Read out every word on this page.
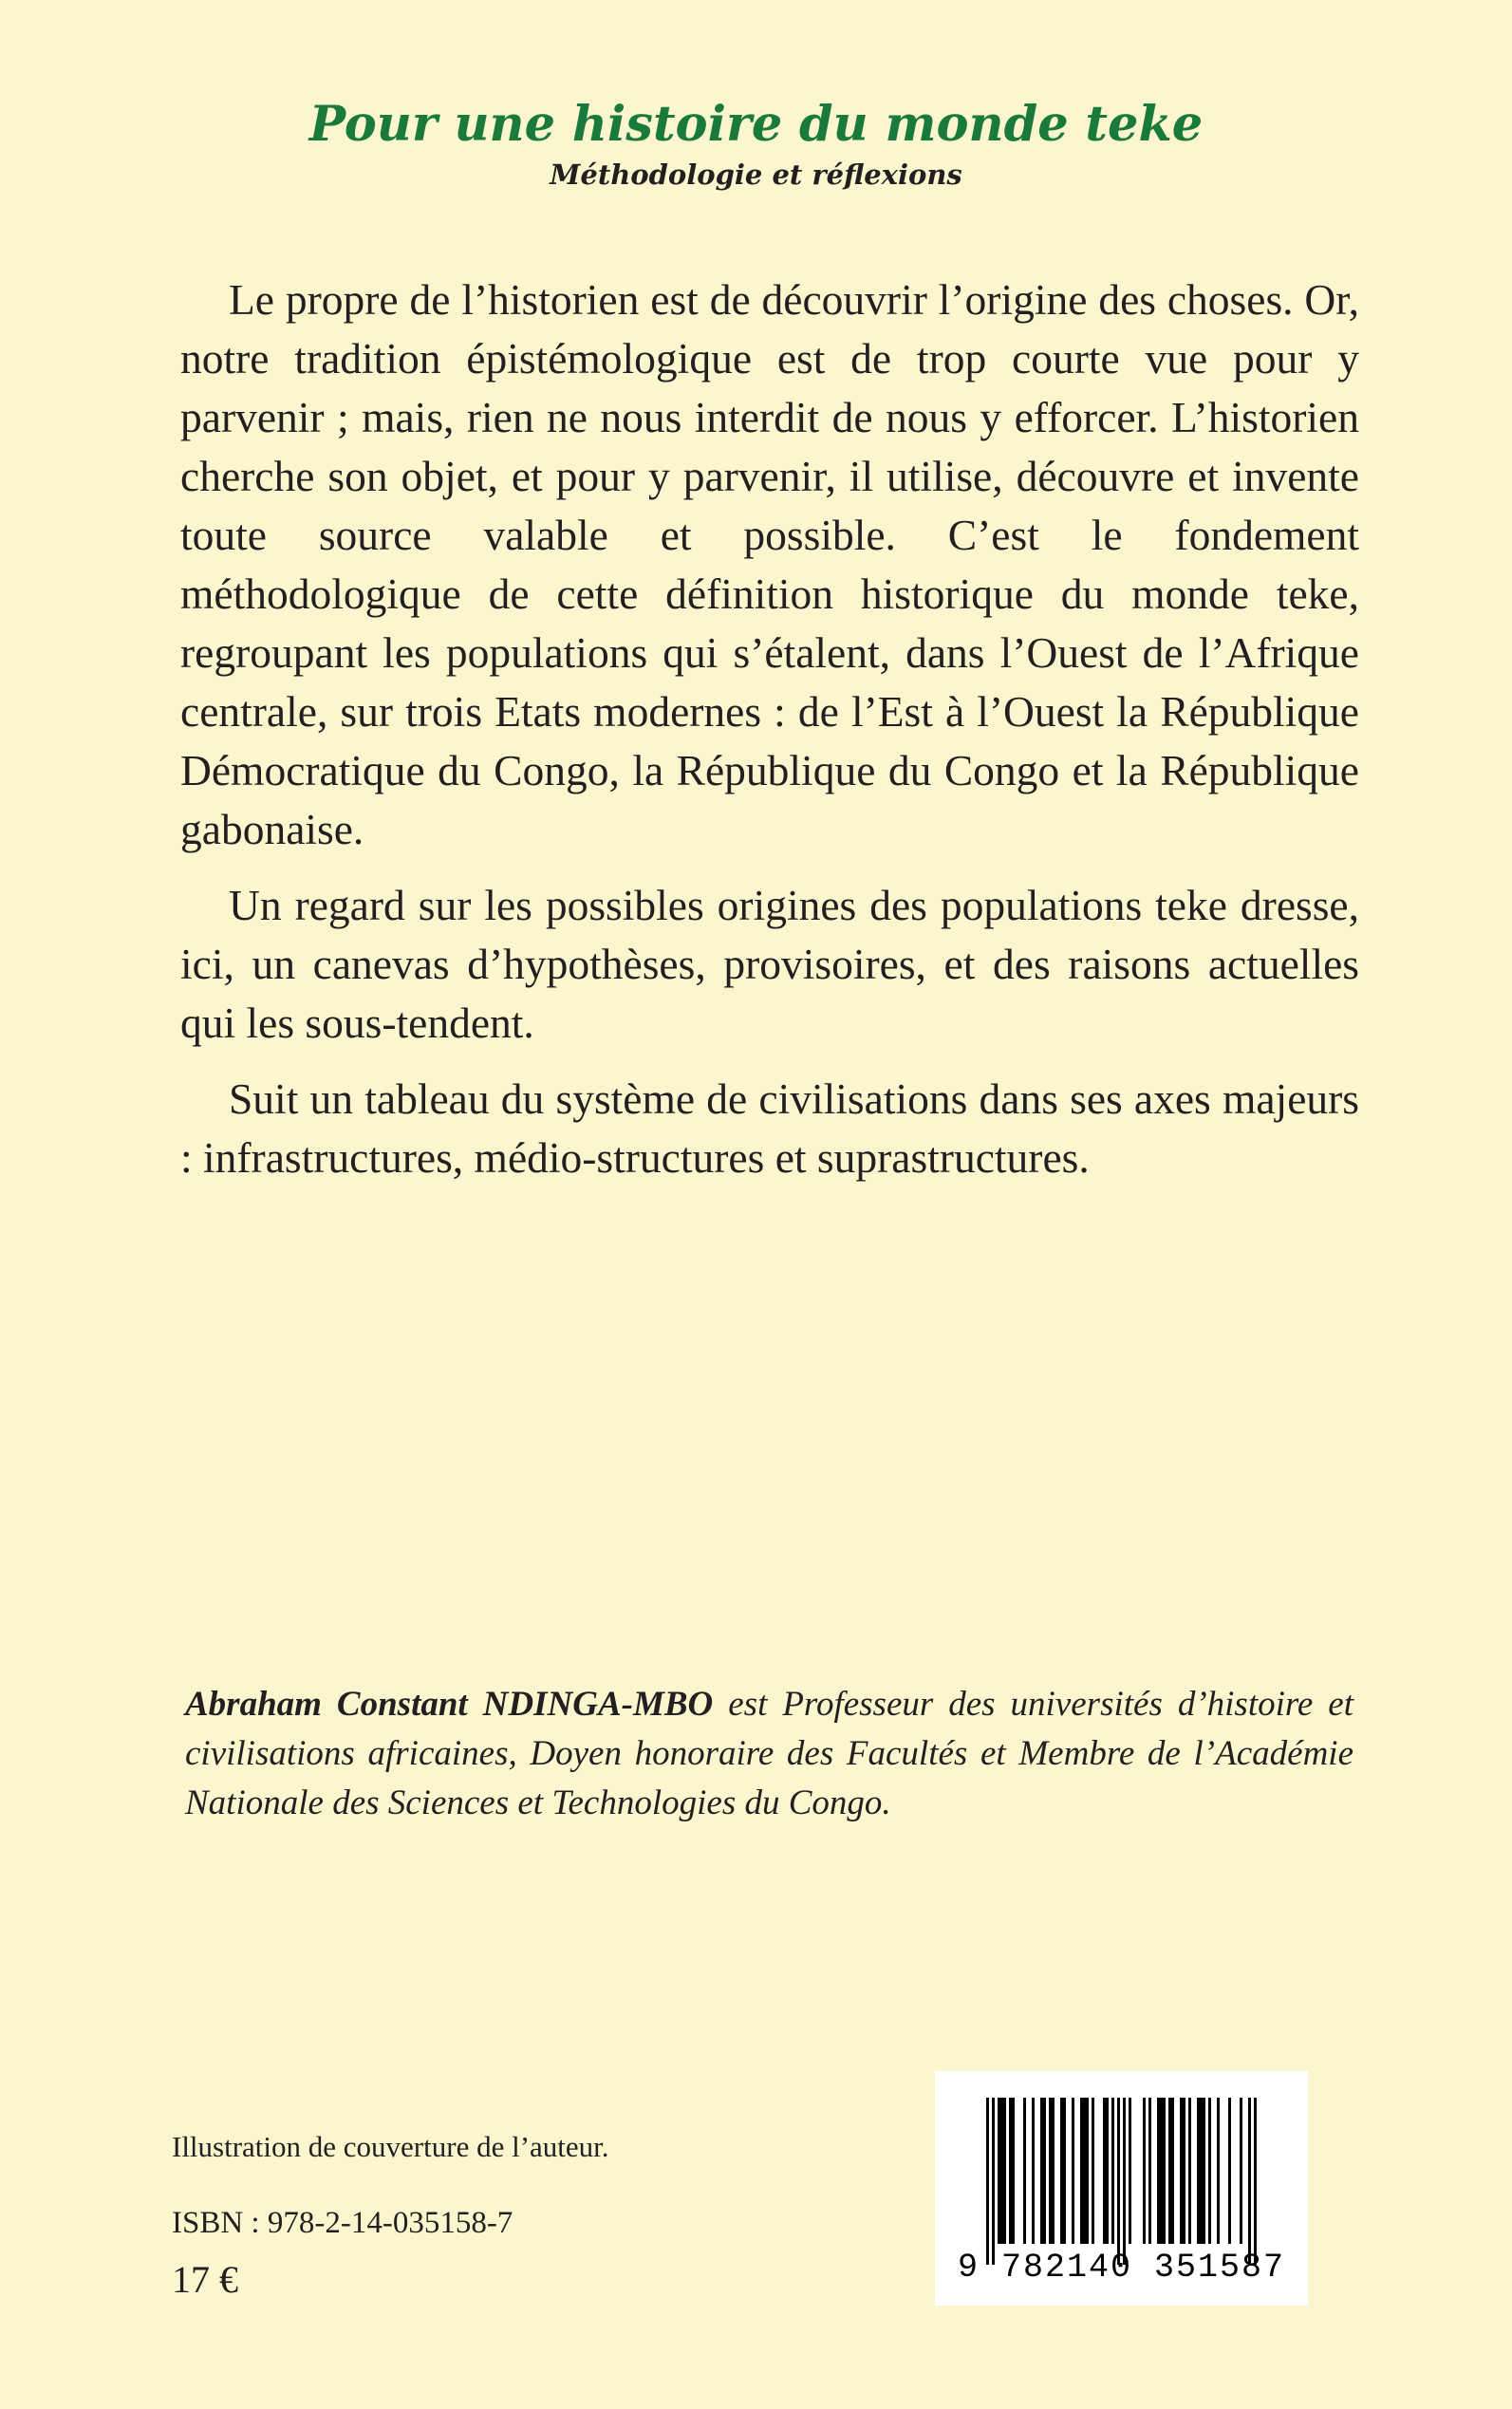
Pour une histoire du monde teke
Méthodologie et réflexions

Le propre de l’historien est de découvrir l’origine des choses. Or, notre tradition épistémologique est de trop courte vue pour y parvenir ; mais, rien ne nous interdit de nous y efforcer. L’historien cherche son objet, et pour y parvenir, il utilise, découvre et invente toute source valable et possible. C’est le fondement méthodologique de cette définition historique du monde teke, regroupant les populations qui s’étalent, dans l’Ouest de l’Afrique centrale, sur trois Etats modernes : de l’Est à l’Ouest la République Démocratique du Congo, la République du Congo et la République gabonaise.

Un regard sur les possibles origines des populations teke dresse, ici, un canevas d’hypothèses, provisoires, et des raisons actuelles qui les sous-tendent.

Suit un tableau du système de civilisations dans ses axes majeurs : infrastructures, médio-structures et suprastructures.

Abraham Constant NDINGA-MBO est Professeur des universités d’histoire et civilisations africaines, Doyen honoraire des Facultés et Membre de l’Académie Nationale des Sciences et Technologies du Congo.

Illustration de couverture de l’auteur.

ISBN : 978-2-14-035158-7

17 €	9 782140 351587
